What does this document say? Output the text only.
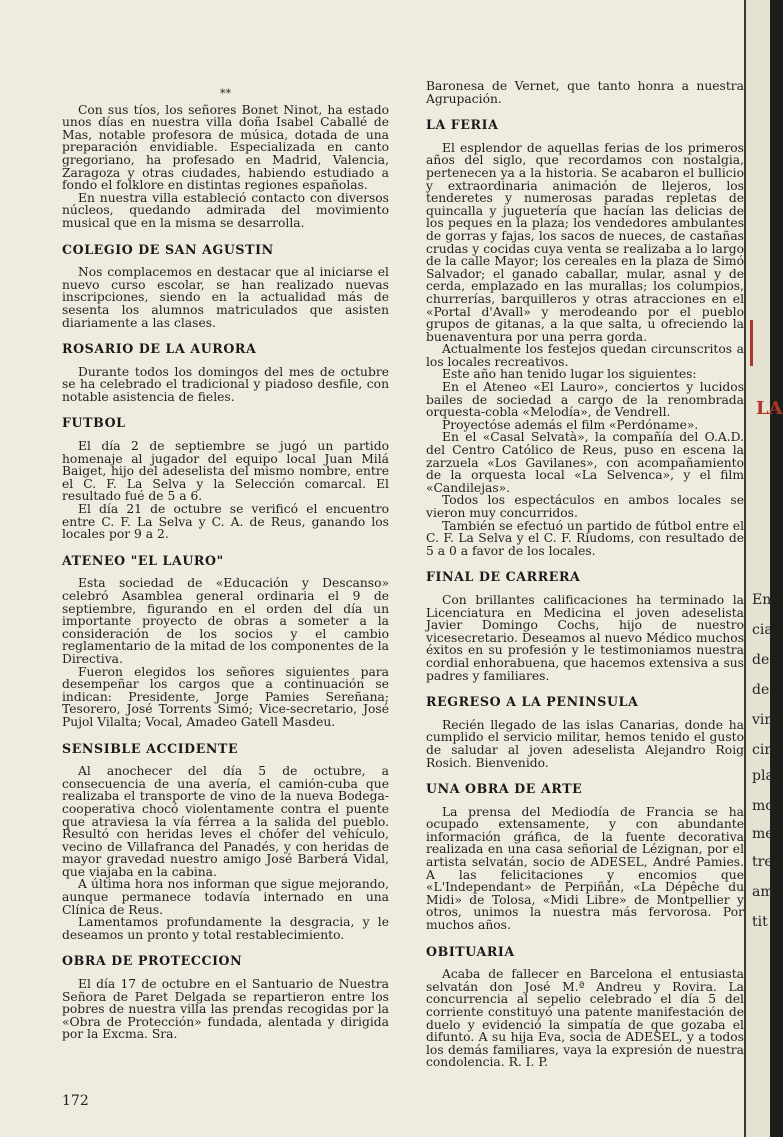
**

Con sus tíos, los señores Bonet Ninot, ha estado unos días en nuestra villa doña Isabel Caballé de Mas, notable profesora de música, dotada de una preparación envidiable. Especializada en canto gregoriano, ha profesado en Madrid, Valencia, Zaragoza y otras ciudades, habiendo estudiado a fondo el folklore en distintas regiones españolas.

En nuestra villa estableció contacto con diversos núcleos, quedando admirada del movimiento musical que en la misma se desarrolla.

COLEGIO DE SAN AGUSTIN

Nos complacemos en destacar que al iniciarse el nuevo curso escolar, se han realizado nuevas inscripciones, siendo en la actualidad más de sesenta los alumnos matriculados que asisten diariamente a las clases.

ROSARIO DE LA AURORA

Durante todos los domingos del mes de octubre se ha celebrado el tradicional y piadoso desfile, con notable asistencia de fieles.

FUTBOL

El día 2 de septiembre se jugó un partido homenaje al jugador del equipo local Juan Milá Baiget, hijo del adeselista del mismo nombre, entre el C. F. La Selva y la Selección comarcal. El resultado fué de 5 a 6.

El día 21 de octubre se verificó el encuentro entre C. F. La Selva y C. A. de Reus, ganando los locales por 9 a 2.

ATENEO "EL LAURO"

Esta sociedad de «Educación y Descanso» celebró Asamblea general ordinaria el 9 de septiembre, figurando en el orden del día un importante proyecto de obras a someter a la consideración de los socios y el cambio reglamentario de la mitad de los componentes de la Directiva.

Fueron elegidos los señores siguientes para desempeñar los cargos que a continuación se indican: Presidente, Jorge Pamies Sereñana; Tesorero, José Torrents Simó; Vice-secretario, José Pujol Vilalta; Vocal, Amadeo Gatell Masdeu.

SENSIBLE ACCIDENTE

Al anochecer del día 5 de octubre, a consecuencia de una avería, el camión-cuba que realizaba el transporte de vino de la nueva Bodega-cooperativa chocó violentamente contra el puente que atraviesa la vía férrea a la salida del pueblo. Resultó con heridas leves el chófer del vehículo, vecino de Villafranca del Panadés, y con heridas de mayor gravedad nuestro amigo José Barberá Vidal, que viajaba en la cabina.

A última hora nos informan que sigue mejorando, aunque permanece todavía internado en una Clínica de Reus.

Lamentamos profundamente la desgracia, y le deseamos un pronto y total restablecimiento.

OBRA DE PROTECCION

El día 17 de octubre en el Santuario de Nuestra Señora de Paret Delgada se repartieron entre los pobres de nuestra villa las prendas recogidas por la «Obra de Protección» fundada, alentada y dirigida por la Excma. Sra.

Baronesa de Vernet, que tanto honra a nuestra Agrupación.

LA FERIA

El esplendor de aquellas ferias de los primeros años del siglo, que recordamos con nostalgia, pertenecen ya a la historia. Se acabaron el bullicio y extraordinaria animación de llejeros, los tenderetes y numerosas paradas repletas de quincalla y juguetería que hacían las delicias de los peques en la plaza; los vendedores ambulantes de gorras y fajas, los sacos de nueces, de castañas crudas y cocidas cuya venta se realizaba a lo largo de la calle Mayor; los cereales en la plaza de Simó Salvador; el ganado caballar, mular, asnal y de cerda, emplazado en las murallas; los columpios, churrerías, barquilleros y otras atracciones en el «Portal d'Avall» y merodeando por el pueblo grupos de gitanas, a la que salta, u ofreciendo la buenaventura por una perra gorda.

Actualmente los festejos quedan circunscritos a los locales recreativos.

Este año han tenido lugar los siguientes:

En el Ateneo «El Lauro», conciertos y lucidos bailes de sociedad a cargo de la renombrada orquesta-cobla «Melodía», de Vendrell.

Proyectóse además el film «Perdóname».

En el «Casal Selvatà», la compañía del O.A.D. del Centro Católico de Reus, puso en escena la zarzuela «Los Gavilanes», con acompañamiento de la orquesta local «La Selvenca», y el film «Candilejas».

Todos los espectáculos en ambos locales se vieron muy concurridos.

También se efectuó un partido de fútbol entre el C. F. La Selva y el C. F. Riudoms, con resultado de 5 a 0 a favor de los locales.

FINAL DE CARRERA

Con brillantes calificaciones ha terminado la Licenciatura en Medicina el joven adeselista Javier Domingo Cochs, hijo de nuestro vicesecretario. Deseamos al nuevo Médico muchos éxitos en su profesión y le testimoniamos nuestra cordial enhorabuena, que hacemos extensiva a sus padres y familiares.

REGRESO A LA PENINSULA

Recién llegado de las islas Canarias, donde ha cumplido el servicio militar, hemos tenido el gusto de saludar al joven adeselista Alejandro Roig Rosich. Bienvenido.

UNA OBRA DE ARTE

La prensa del Mediodía de Francia se ha ocupado extensamente, y con abundante información gráfica, de la fuente decorativa realizada en una casa señorial de Lézignan, por el artista selvatán, socio de ADESEL, André Pamies. A las felicitaciones y encomios que «L'Independant» de Perpiñán, «La Dépêche du Midi» de Tolosa, «Midi Libre» de Montpellier y otros, unimos la nuestra más fervorosa. Por muchos años.

OBITUARIA

Acaba de fallecer en Barcelona el entusiasta selvatán don José M.ª Andreu y Rovira. La concurrencia al sepelio celebrado el día 5 del corriente constituyó una patente manifestación de duelo y evidenció la simpatía de que gozaba el difunto. A su hija Eva, socia de ADESEL, y a todos los demás familiares, vaya la expresión de nuestra condolencia. R. I. P.

172
LA
En
cia
de
de
vin
cir
pla
mo
me
tre
am
tit
